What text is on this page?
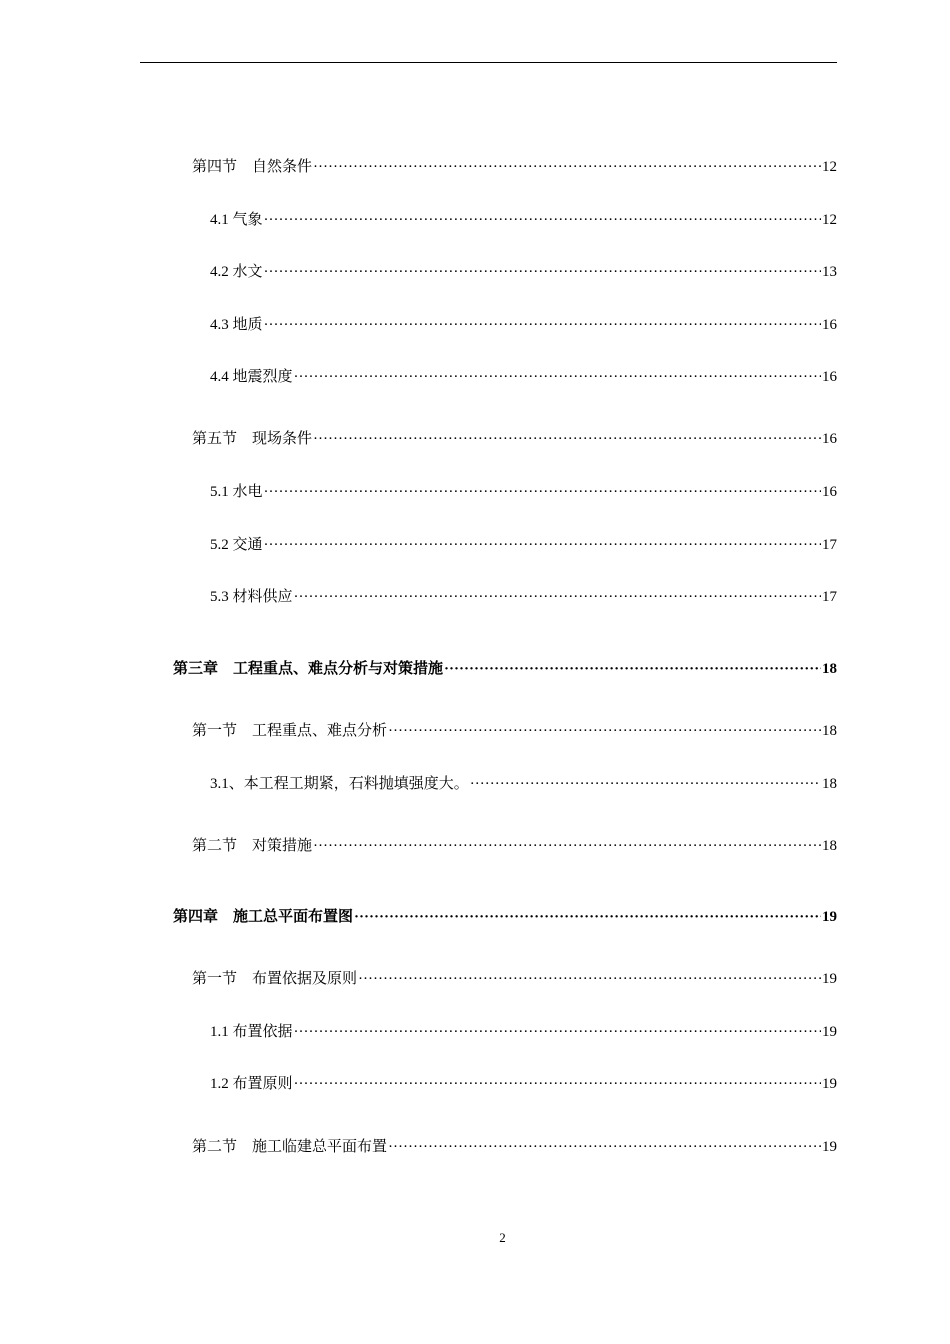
第四节　自然条件 ·····	12
4.1 气象 ·····	12
4.2 水文 ·····	13
4.3 地质 ·····	16
4.4 地震烈度 ·····	16
第五节　现场条件 ·····	16
5.1 水电 ·····	16
5.2 交通 ·····	17
5.3 材料供应 ·····	17
第三章　工程重点、难点分析与对策措施 ·····	18
第一节　工程重点、难点分析 ·····	18
3.1、本工程工期紧，石料抛填强度大。 ·····	18
第二节　对策措施 ·····	18
第四章　施工总平面布置图 ·····	19
第一节　布置依据及原则 ·····	19
1.1 布置依据 ·····	19
1.2 布置原则 ·····	19
第二节　施工临建总平面布置 ·····	19
2
